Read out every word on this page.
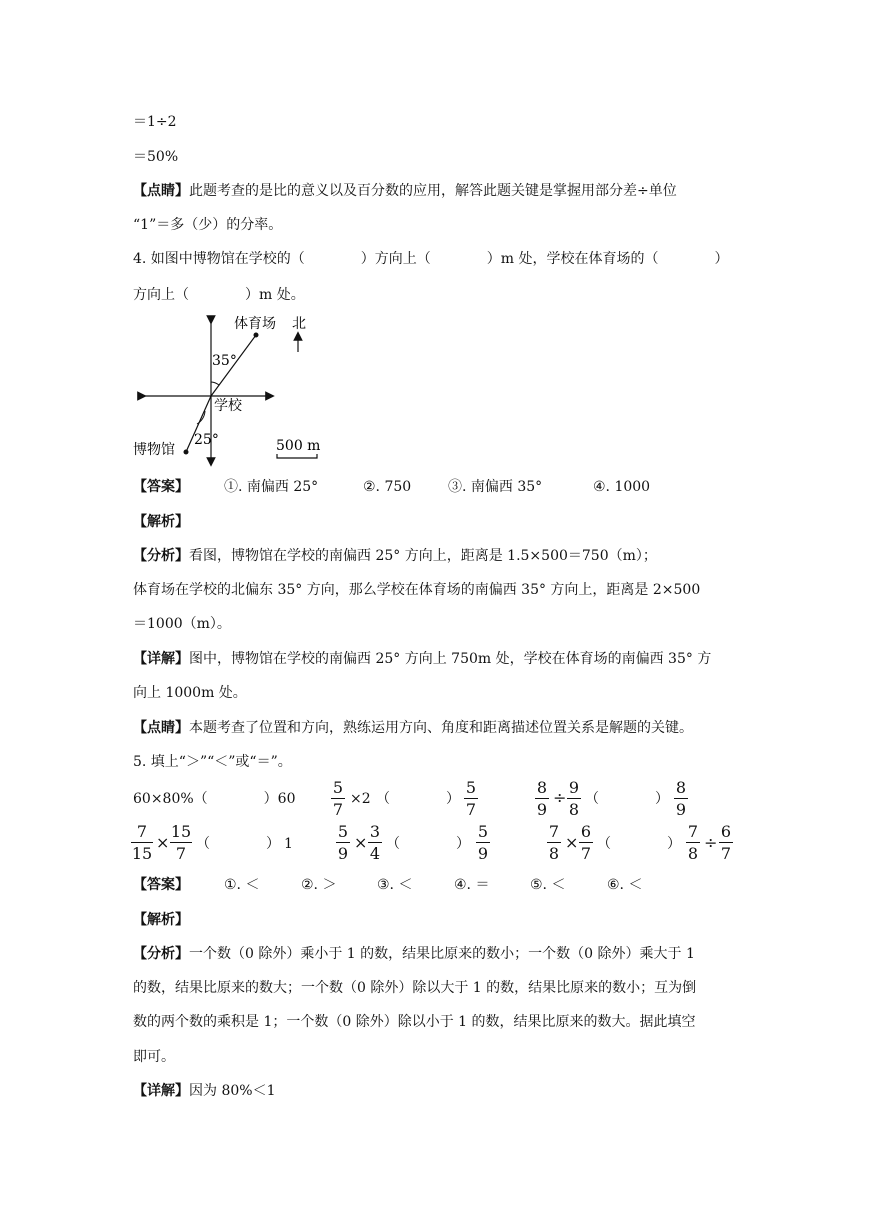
＝1÷2
＝50%
【点睛】此题考查的是比的意义以及百分数的应用，解答此题关键是掌握用部分差÷单位
“1”＝多（少）的分率。
4. 如图中博物馆在学校的（　　　　）方向上（　　　　）m 处，学校在体育场的（　　　　）
方向上（　　　　）m 处。
体育场 北
35°
学校
25°
博物馆	500 m
【答案】	①. 南偏西 25°	②. 750	③. 南偏西 35°	④. 1000
【解析】
【分析】看图，博物馆在学校的南偏西 25° 方向上，距离是 1.5×500＝750（m）；
体育场在学校的北偏东 35° 方向，那么学校在体育场的南偏西 35° 方向上，距离是 2×500
＝1000（m）。
【详解】图中，博物馆在学校的南偏西 25° 方向上 750m 处，学校在体育场的南偏西 35° 方
向上 1000m 处。
【点睛】本题考查了位置和方向，熟练运用方向、角度和距离描述位置关系是解题的关键。
5. 填上“＞”“＜”或“＝”。
60×80%（　　　　）60
5
7
×2 （　　　　）
5
7
8
9
÷
9
8
（　　　　）
8
9
7
15
×
15
7 （　　　　） 1
5
9
×
3
4 （　　　　）
5
9
7
8
×
6
7 （　　　　）
7
8
÷
6
7
【答案】	①. ＜	②. ＞	③. ＜	④. ＝	⑤. ＜	⑥. ＜
【解析】
【分析】一个数（0 除外）乘小于 1 的数，结果比原来的数小；一个数（0 除外）乘大于 1
的数，结果比原来的数大；一个数（0 除外）除以大于 1 的数，结果比原来的数小；互为倒
数的两个数的乘积是 1；一个数（0 除外）除以小于 1 的数，结果比原来的数大。据此填空
即可。
【详解】因为 80%＜1
